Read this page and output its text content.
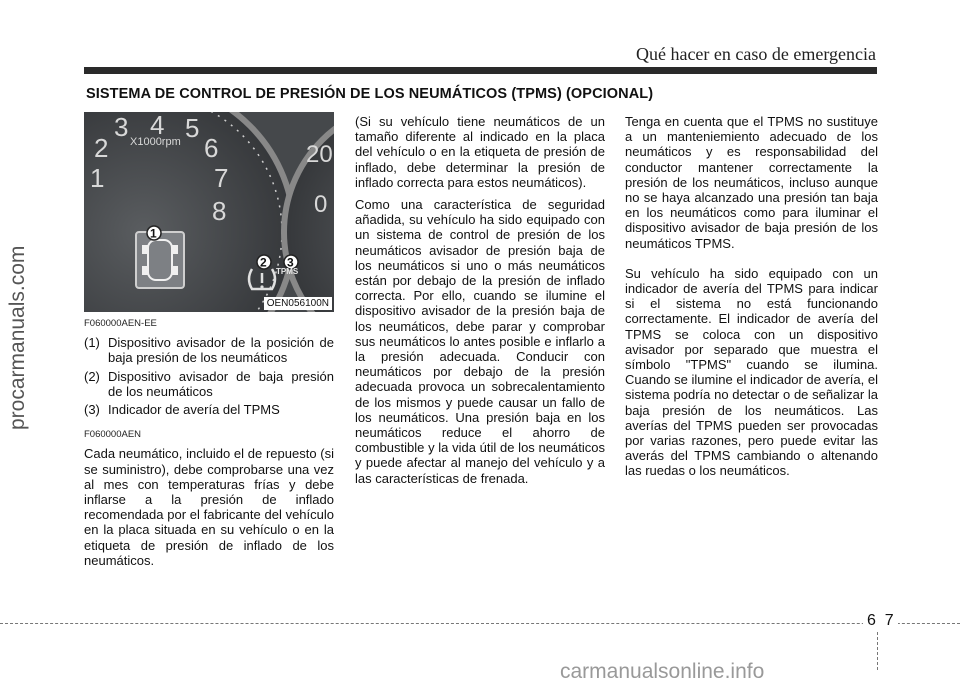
Qué hacer en caso de emergencia
SISTEMA DE CONTROL DE PRESIÓN DE LOS NEUMÁTICOS (TPMS) (OPCIONAL)
procarmanuals.com
1
2
3 4 5
6
7
8
X1000rpm	20
0
1
2 3
TPMS
OEN056100N
F060000AEN-EE
(1) Dispositivo avisador de la posición de baja presión de los neumáticos
(2) Dispositivo avisador de baja presión de los neumáticos
(3) Indicador de avería del TPMS
F060000AEN

Cada neumático, incluido el de repuesto (si se suministro), debe comprobarse una vez al mes con temperaturas frías y debe inflarse a la presión de inflado recomendada por el fabricante del vehículo en la placa situada en su vehículo o en la etiqueta de presión de inflado de los neumáticos.

(Si su vehículo tiene neumáticos de un tamaño diferente al indicado en la placa del vehículo o en la etiqueta de presión de inflado, debe determinar la presión de inflado correcta para estos neumáticos).

Como una característica de seguridad añadida, su vehículo ha sido equipado con un sistema de control de presión de los neumáticos avisador de presión baja de los neumáticos si uno o más neumáticos están por debajo de la presión de inflado correcta. Por ello, cuando se ilumine el dispositivo avisador de la presión baja de los neumáticos, debe parar y comprobar sus neumáticos lo antes posible e inflarlo a la presión adecuada. Conducir con neumáticos por debajo de la presión adecuada provoca un sobrecalentamiento de los mismos y puede causar un fallo de los neumáticos. Una presión baja en los neumáticos reduce el ahorro de combustible y la vida útil de los neumáticos y puede afectar al manejo del vehículo y a las características de frenada.

Tenga en cuenta que el TPMS no sustituye a un manteniemiento adecuado de los neumáticos y es responsabilidad del conductor mantener correctamente la presión de los neumáticos, incluso aunque no se haya alcanzado una presión tan baja en los neumáticos como para iluminar el dispositivo avisador de baja presión de los neumáticos TPMS.

Su vehículo ha sido equipado con un indicador de avería del TPMS para indicar si el sistema no está funcionando correctamente. El indicador de avería del TPMS se coloca con un dispositivo avisador por separado que muestra el símbolo "TPMS" cuando se ilumina. Cuando se ilumine el indicador de avería, el sistema podría no detectar o de señalizar la baja presión de los neumáticos. Las averías del TPMS pueden ser provocadas por varias razones, pero puede evitar las averás del TPMS cambiando o altenando las ruedas o los neumáticos.

6 7
carmanualsonline.info
